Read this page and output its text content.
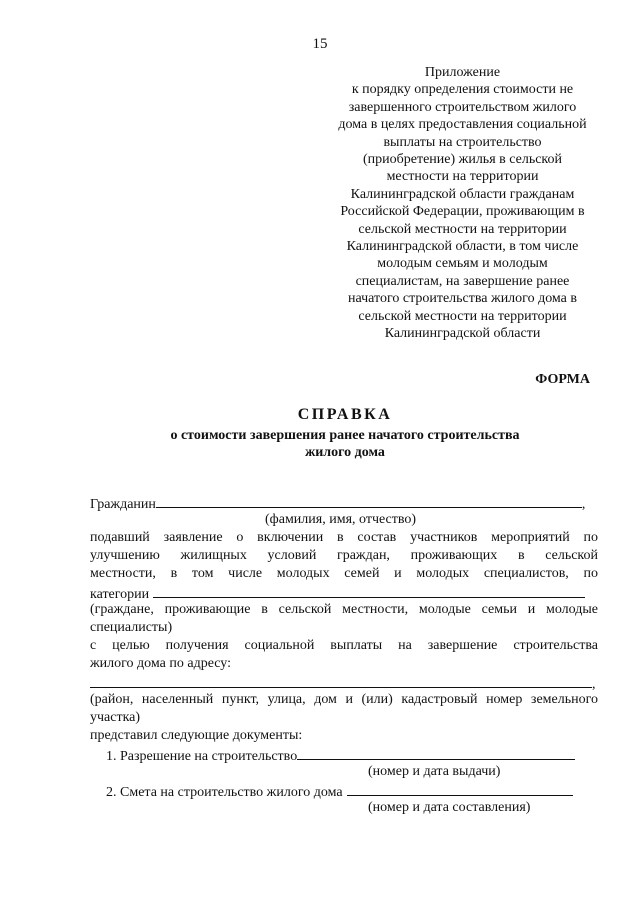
15
Приложение
к порядку определения стоимости не
завершенного строительством жилого
дома в целях предоставления социальной
выплаты на строительство
(приобретение) жилья в сельской
местности на территории
Калининградской области гражданам
Российской Федерации, проживающим в
сельской местности на территории
Калининградской области, в том числе
молодым семьям и молодым
специалистам, на завершение ранее
начатого строительства жилого дома в
сельской местности на территории
Калининградской области
ФОРМА
СПРАВКА
о стоимости завершения ранее начатого строительства
жилого дома
Гражданин	,
(фамилия, имя, отчество)
подавший заявление о включении в состав участников мероприятий по
улучшению жилищных условий граждан, проживающих в сельской
местности, в том числе молодых семей и молодых специалистов, по
категории
(граждане, проживающие в сельской местности, молодые семьи и молодые
специалисты)
с целью получения социальной выплаты на завершение строительства
жилого дома по адресу:
,
(район, населенный пункт, улица, дом и (или) кадастровый номер земельного
участка)
представил следующие документы:
1. Разрешение на строительство
(номер и дата выдачи)
2. Смета на строительство жилого дома
(номер и дата составления)
